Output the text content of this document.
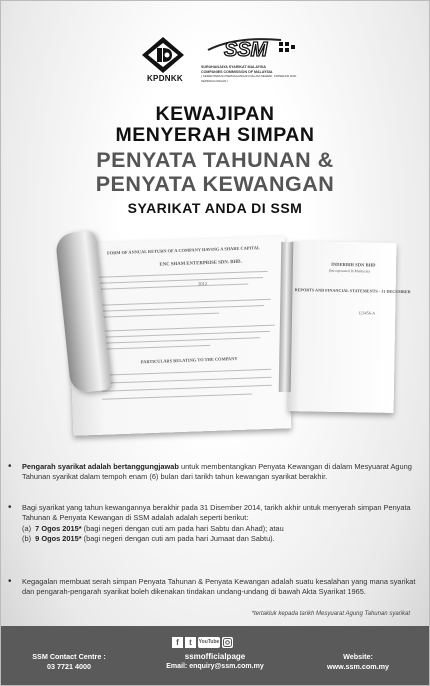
KPDNKK
SSM
SURUHANJAYA SYARIKAT MALAYSIA
COMPANIES COMMISSION OF MALAYSIA
( KEMENTERIAN PERDAGANGAN DALAM NEGERI, KOPERASI DAN KEPENGGUNAAN )
KEWAJIPAN
MENYERAH SIMPAN
PENYATA TAHUNAN &
PENYATA KEWANGAN
SYARIKAT ANDA DI SSM
FORM OF ANNUAL RETURN OF A COMPANY HAVING A SHARE CAPITAL
ENC SHAM ENTERPRISE SDN. BHD.
2012
PARTICULARS RELATING TO THE COMPANY
INDERBIR SDN BHD
(Incorporated in Malaysia)
REPORTS AND FINANCIAL STATEMENTS - 31 DECEMBER
123456-A
• Pengarah syarikat adalah bertanggungjawab untuk membentangkan Penyata Kewangan di dalam Mesyuarat Agung Tahunan syarikat dalam tempoh enam (6) bulan dari tarikh tahun kewangan syarikat berakhir.

• Bagi syarikat yang tahun kewangannya berakhir pada 31 Disember 2014, tarikh akhir untuk menyerah simpan Penyata Tahunan & Penyata Kewangan di SSM adalah adalah seperti berikut:

(a) 7 Ogos 2015* (bagi negeri dengan cuti am pada hari Sabtu dan Ahad); atau

(b) 9 Ogos 2015* (bagi negeri dengan cuti am pada hari Jumaat dan Sabtu).

• Kegagalan membuat serah simpan Penyata Tahunan & Penyata Kewangan adalah suatu kesalahan yang mana syarikat dan pengarah-pengarah syarikat boleh dikenakan tindakan undang-undang di bawah Akta Syarikat 1965.

*tertakluk kepada tarikh Mesyuarat Agung Tahunan syarikat
SSM Contact Centre :
03 7721 4000
ssmofficialpage
Email: enquiry@ssm.com.my
Website:
www.ssm.com.my
f t YouTube
